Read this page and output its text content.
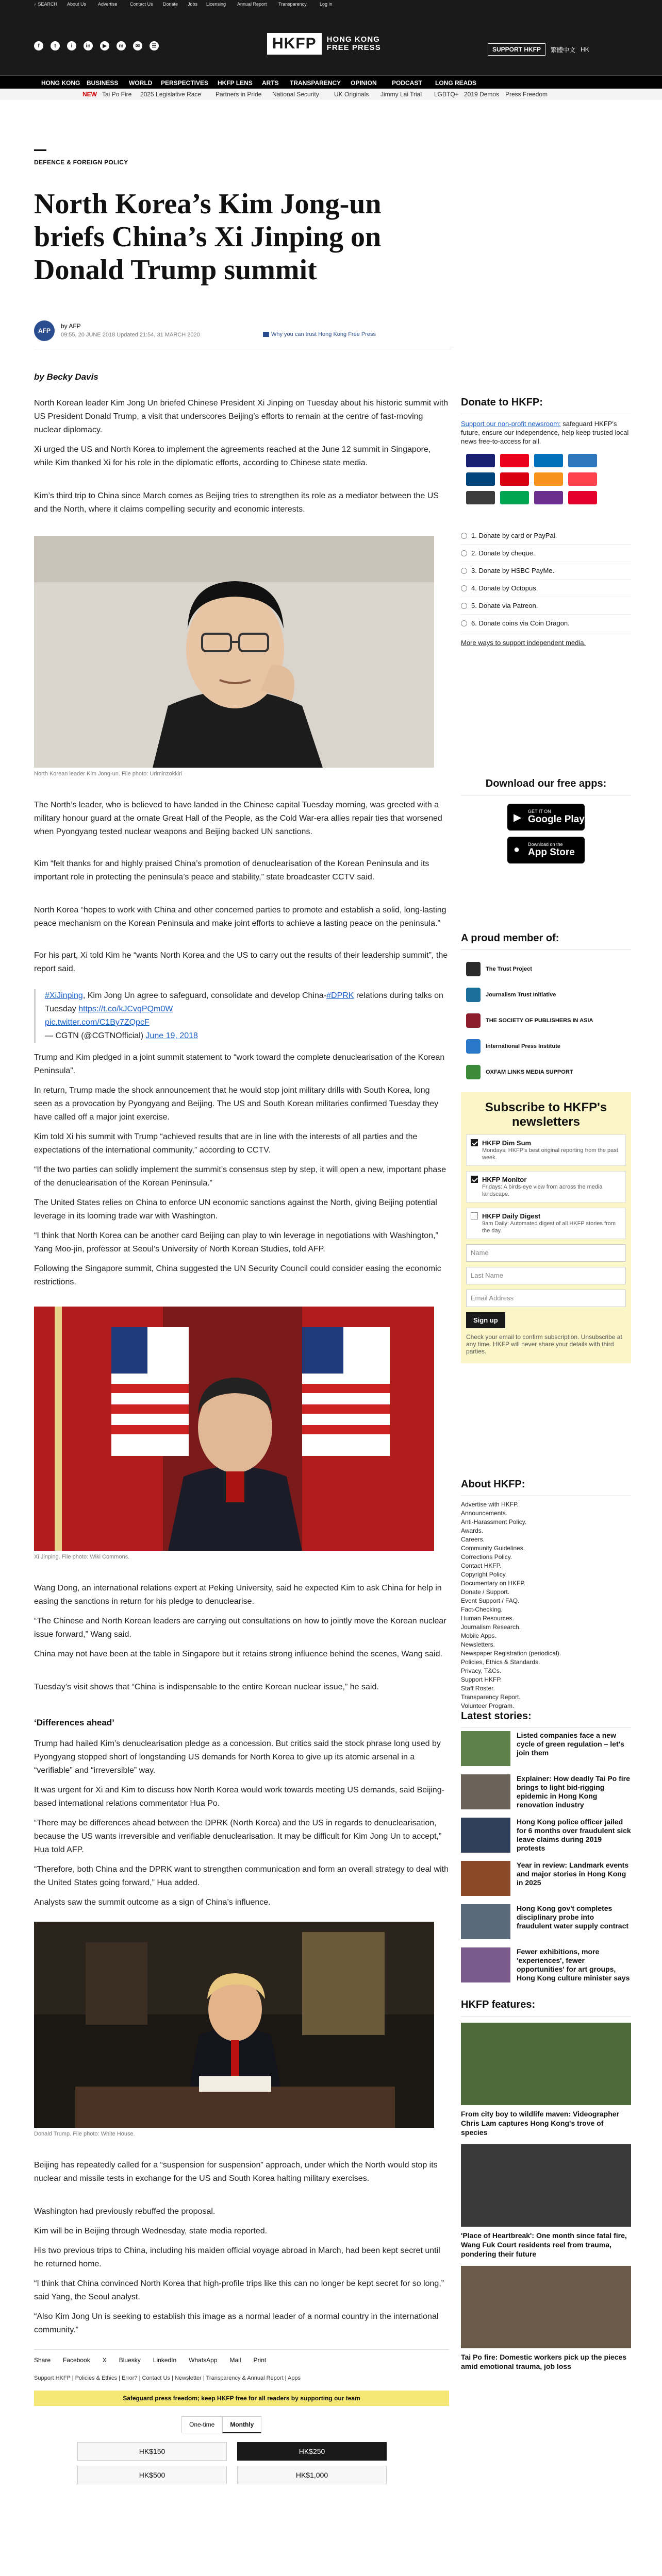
⌕ SEARCH About Us	Advertise	Contact Us Donate Jobs Licensing Annual Report Transparency	Log in
f	t	i	in	▶	m	✉	☰	HKFP	HONG KONG
FREE PRESS	SUPPORT HKFP	繁體中文 HK
HONG KONG BUSINESS WORLD PERSPECTIVES HKFP LENS ARTS TRANSPARENCY OPINION PODCAST LONG READS
NEW Tai Po Fire 2025 Legislative Race Partners in Pride National Security UK Originals Jimmy Lai Trial LGBTQ+ 2019 Demos Press Freedom
DEFENCE & FOREIGN POLICY
North Korea’s Kim Jong-un briefs China’s Xi Jinping on Donald Trump summit
AFP
by AFP
09:55, 20 JUNE 2018 Updated 21:54, 31 MARCH 2020	Why you can trust Hong Kong Free Press
by Becky Davis
North Korean leader Kim Jong Un briefed Chinese President Xi Jinping on Tuesday about his historic summit with US President Donald Trump, a visit that underscores Beijing’s efforts to remain at the centre of fast-moving nuclear diplomacy.
Xi urged the US and North Korea to implement the agreements reached at the June 12 summit in Singapore, while Kim thanked Xi for his role in the diplomatic efforts, according to Chinese state media.
Kim’s third trip to China since March comes as Beijing tries to strengthen its role as a mediator between the US and the North, where it claims compelling security and economic interests.
North Korean leader Kim Jong-un. File photo: Uriminzokkiri
The North’s leader, who is believed to have landed in the Chinese capital Tuesday morning, was greeted with a military honour guard at the ornate Great Hall of the People, as the Cold War-era allies repair ties that worsened when Pyongyang tested nuclear weapons and Beijing backed UN sanctions.
Kim “felt thanks for and highly praised China’s promotion of denuclearisation of the Korean Peninsula and its important role in protecting the peninsula’s peace and stability,” state broadcaster CCTV said.
North Korea “hopes to work with China and other concerned parties to promote and establish a solid, long-lasting peace mechanism on the Korean Peninsula and make joint efforts to achieve a lasting peace on the peninsula.”
For his part, Xi told Kim he “wants North Korea and the US to carry out the results of their leadership summit”, the report said.
#XiJinping, Kim Jong Un agree to safeguard, consolidate and develop China-#DPRK relations during talks on Tuesday https://t.co/kJCvqPQm0W
pic.twitter.com/C1By7ZQpcF
— CGTN (@CGTNOfficial) June 19, 2018
Trump and Kim pledged in a joint summit statement to “work toward the complete denuclearisation of the Korean Peninsula”.
In return, Trump made the shock announcement that he would stop joint military drills with South Korea, long seen as a provocation by Pyongyang and Beijing. The US and South Korean militaries confirmed Tuesday they have called off a major joint exercise.
Kim told Xi his summit with Trump “achieved results that are in line with the interests of all parties and the expectations of the international community,” according to CCTV.
“If the two parties can solidly implement the summit’s consensus step by step, it will open a new, important phase of the denuclearisation of the Korean Peninsula.”
The United States relies on China to enforce UN economic sanctions against the North, giving Beijing potential leverage in its looming trade war with Washington.
“I think that North Korea can be another card Beijing can play to win leverage in negotiations with Washington,” Yang Moo-jin, professor at Seoul’s University of North Korean Studies, told AFP.
Following the Singapore summit, China suggested the UN Security Council could consider easing the economic restrictions.
Xi Jinping. File photo: Wiki Commons.
Wang Dong, an international relations expert at Peking University, said he expected Kim to ask China for help in easing the sanctions in return for his pledge to denuclearise.
“The Chinese and North Korean leaders are carrying out consultations on how to jointly move the Korean nuclear issue forward,” Wang said.
China may not have been at the table in Singapore but it retains strong influence behind the scenes, Wang said.
Tuesday’s visit shows that “China is indispensable to the entire Korean nuclear issue,” he said.
‘Differences ahead’
Trump had hailed Kim’s denuclearisation pledge as a concession. But critics said the stock phrase long used by Pyongyang stopped short of longstanding US demands for North Korea to give up its atomic arsenal in a “verifiable” and “irreversible” way.
It was urgent for Xi and Kim to discuss how North Korea would work towards meeting US demands, said Beijing-based international relations commentator Hua Po.
“There may be differences ahead between the DPRK (North Korea) and the US in regards to denuclearisation, because the US wants irreversible and verifiable denuclearisation. It may be difficult for Kim Jong Un to accept,” Hua told AFP.
“Therefore, both China and the DPRK want to strengthen communication and form an overall strategy to deal with the United States going forward,” Hua added.
Analysts saw the summit outcome as a sign of China’s influence.
Donald Trump. File photo: White House.
Beijing has repeatedly called for a “suspension for suspension” approach, under which the North would stop its nuclear and missile tests in exchange for the US and South Korea halting military exercises.
Washington had previously rebuffed the proposal.
Kim will be in Beijing through Wednesday, state media reported.
His two previous trips to China, including his maiden official voyage abroad in March, had been kept secret until he returned home.
“I think that China convinced North Korea that high-profile trips like this can no longer be kept secret for so long,” said Yang, the Seoul analyst.
“Also Kim Jong Un is seeking to establish this image as a normal leader of a normal country in the international community.”
Share Facebook X Bluesky LinkedIn WhatsApp Mail Print
Support HKFP | Policies & Ethics | Error? | Contact Us | Newsletter | Transparency & Annual Report | Apps
Safeguard press freedom; keep HKFP free for all readers by supporting our team
One-time	Monthly
HK$150	HK$250
HK$500	HK$1,000
Donate to HKFP:
Support our non-profit newsroom: safeguard HKFP's future, ensure our independence, help keep trusted local news free-to-access for all.
1. Donate by card or PayPal.
2. Donate by cheque.
3. Donate by HSBC PayMe.
4. Donate by Octopus.
5. Donate via Patreon.
6. Donate coins via Coin Dragon.
More ways to support independent media.
Download our free apps:
▶
GET IT ON
Google Play
● Download on the
App Store
A proud member of:
The Trust Project
Journalism Trust Initiative
THE SOCIETY OF PUBLISHERS IN ASIA
International Press Institute
OXFAM LINKS MEDIA SUPPORT
Subscribe to HKFP's newsletters
HKFP Dim Sum
Mondays: HKFP's best original reporting from the past week.
HKFP Monitor
Fridays: A birds-eye view from across the media landscape.
HKFP Daily Digest
9am Daily: Automated digest of all HKFP stories from the day.
Name
Last Name
Email Address
Sign up
Check your email to confirm subscription. Unsubscribe at any time. HKFP will never share your details with third parties.
About HKFP:
Advertise with HKFP.
Announcements.
Anti-Harassment Policy.
Awards.
Careers.
Community Guidelines.
Corrections Policy.
Contact HKFP.
Copyright Policy.
Documentary on HKFP.
Donate / Support.
Event Support / FAQ.
Fact-Checking.
Human Resources.
Journalism Research.
Mobile Apps.
Newsletters.
Newspaper Registration (periodical).
Policies, Ethics & Standards.
Privacy, T&Cs.
Support HKFP.
Staff Roster.
Transparency Report.
Volunteer Program.
Latest stories:
Listed companies face a new cycle of green regulation – let's join them
Explainer: How deadly Tai Po fire brings to light bid-rigging epidemic in Hong Kong renovation industry
Hong Kong police officer jailed for 6 months over fraudulent sick leave claims during 2019 protests
Year in review: Landmark events and major stories in Hong Kong in 2025
Hong Kong gov't completes disciplinary probe into fraudulent water supply contract
Fewer exhibitions, more 'experiences', fewer opportunities' for art groups, Hong Kong culture minister says
HKFP features:
From city boy to wildlife maven: Videographer Chris Lam captures Hong Kong's trove of species
'Place of Heartbreak': One month since fatal fire, Wang Fuk Court residents reel from trauma, pondering their future
Tai Po fire: Domestic workers pick up the pieces amid emotional trauma, job loss
